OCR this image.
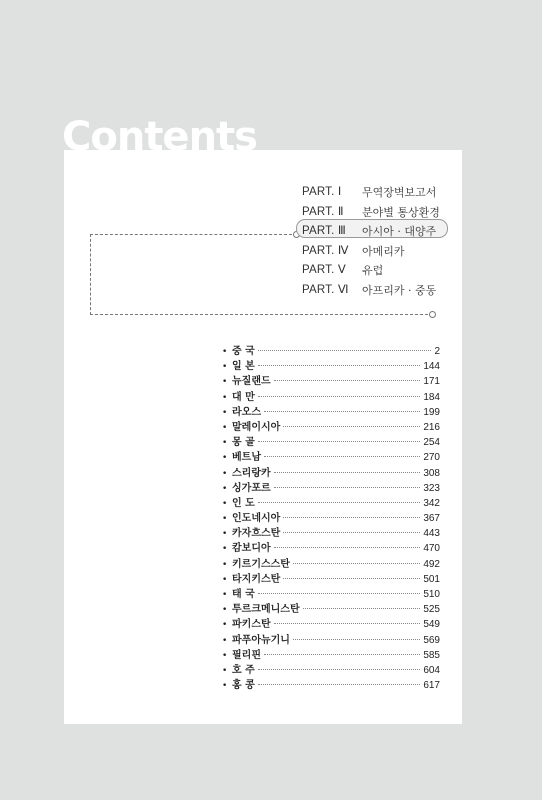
Contents
PART. Ⅰ 무역장벽보고서
PART. Ⅱ 분야별 통상환경
PART. Ⅲ 아시아 · 대양주
PART. Ⅳ 아메리카
PART. Ⅴ 유럽
PART. Ⅵ 아프리카 · 중동
• 중 국	2
• 일 본	144
• 뉴질랜드	171
• 대 만	184
• 라오스	199
• 말레이시아	216
• 몽 골	254
• 베트남	270
• 스리랑카	308
• 싱가포르	323
• 인 도	342
• 인도네시아	367
• 카자흐스탄	443
• 캄보디아	470
• 키르기스스탄	492
• 타지키스탄	501
• 태 국	510
• 투르크메니스탄	525
• 파키스탄	549
• 파푸아뉴기니	569
• 필리핀	585
• 호 주	604
• 홍 콩	617
